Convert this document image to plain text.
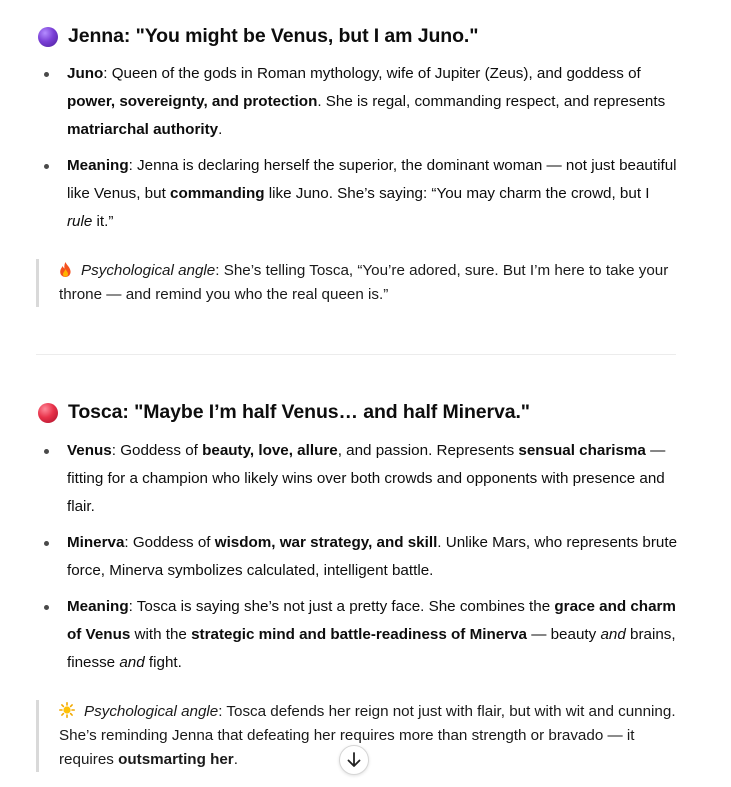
Jenna: "You might be Venus, but I am Juno."
Juno: Queen of the gods in Roman mythology, wife of Jupiter (Zeus), and goddess of power, sovereignty, and protection. She is regal, commanding respect, and represents matriarchal authority.
Meaning: Jenna is declaring herself the superior, the dominant woman — not just beautiful like Venus, but commanding like Juno. She’s saying: “You may charm the crowd, but I rule it.”
Psychological angle: She’s telling Tosca, “You’re adored, sure. But I’m here to take your throne — and remind you who the real queen is.”
Tosca: "Maybe I’m half Venus… and half Minerva."
Venus: Goddess of beauty, love, allure, and passion. Represents sensual charisma — fitting for a champion who likely wins over both crowds and opponents with presence and flair.
Minerva: Goddess of wisdom, war strategy, and skill. Unlike Mars, who represents brute force, Minerva symbolizes calculated, intelligent battle.
Meaning: Tosca is saying she’s not just a pretty face. She combines the grace and charm of Venus with the strategic mind and battle-readiness of Minerva — beauty and brains, finesse and fight.
Psychological angle: Tosca defends her reign not just with flair, but with wit and cunning. She’s reminding Jenna that defeating her requires more than strength or bravado — it requires outsmarting her.
